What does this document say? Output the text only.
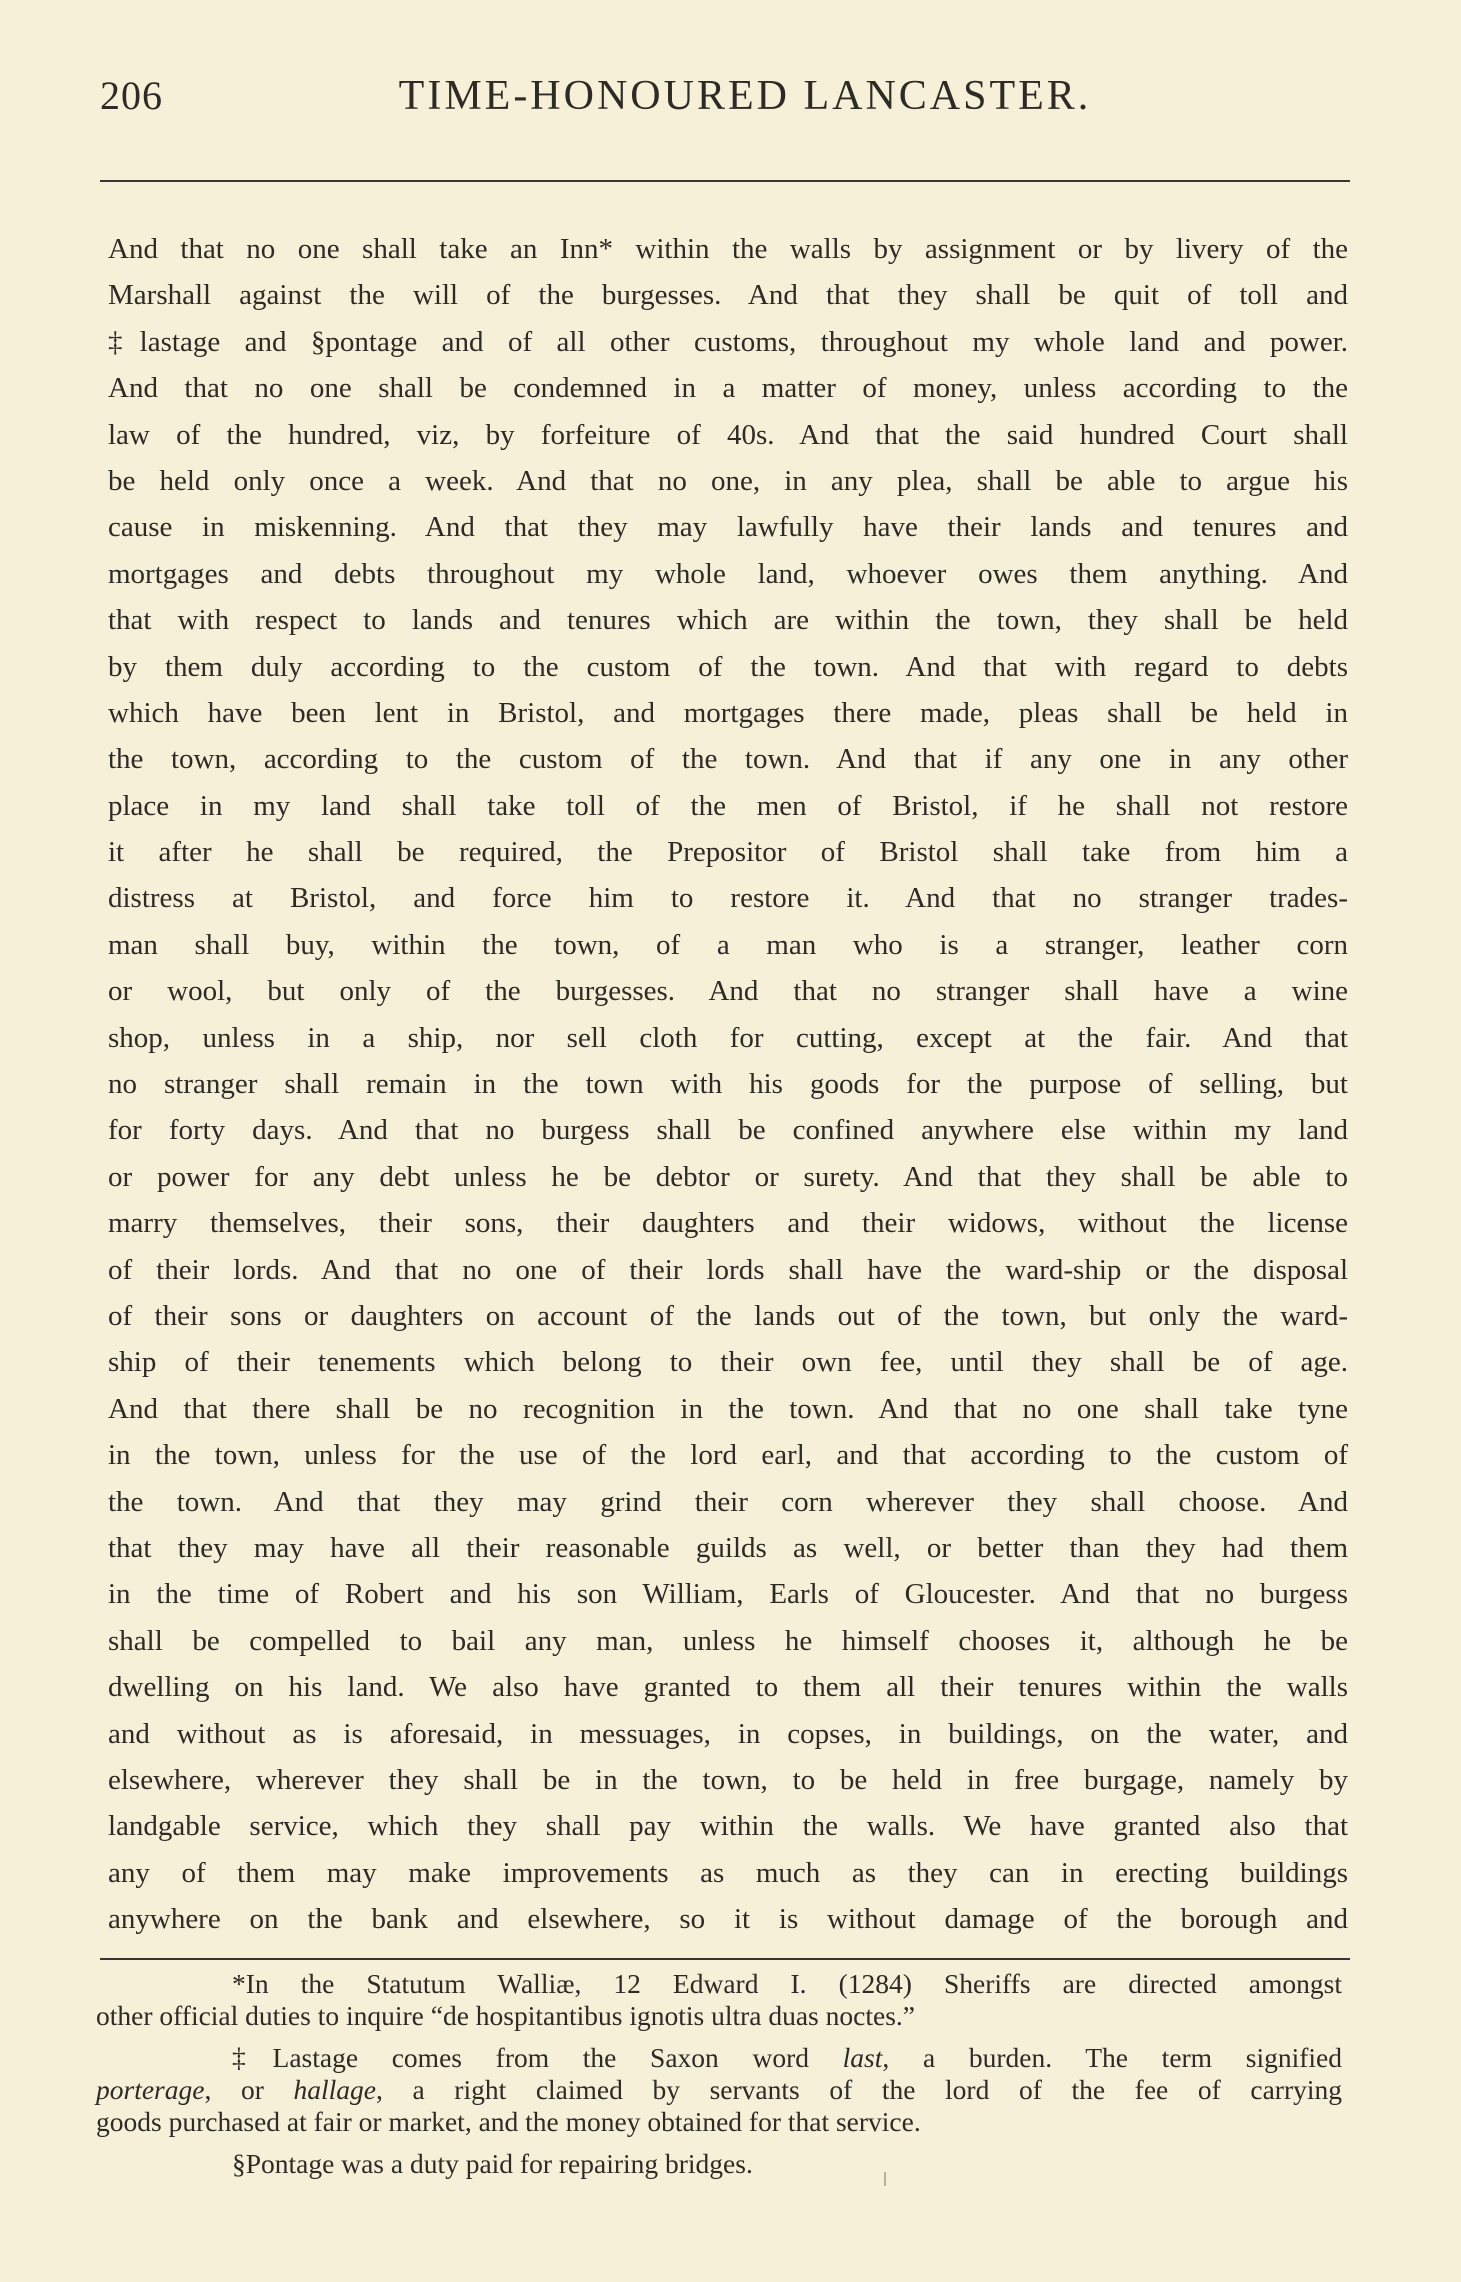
206	TIME-HONOURED LANCASTER.
And that no one shall take an Inn* within the walls by assignment or by livery of the
Marshall against the will of the burgesses. And that they shall be quit of toll and
‡lastage and §pontage and of all other customs, throughout my whole land and power.
And that no one shall be condemned in a matter of money, unless according to the
law of the hundred, viz, by forfeiture of 40s. And that the said hundred Court shall
be held only once a week. And that no one, in any plea, shall be able to argue his
cause in miskenning. And that they may lawfully have their lands and tenures and
mortgages and debts throughout my whole land, whoever owes them anything. And
that with respect to lands and tenures which are within the town, they shall be held
by them duly according to the custom of the town. And that with regard to debts
which have been lent in Bristol, and mortgages there made, pleas shall be held in
the town, according to the custom of the town. And that if any one in any other
place in my land shall take toll of the men of Bristol, if he shall not restore
it after he shall be required, the Prepositor of Bristol shall take from him a
distress at Bristol, and force him to restore it. And that no stranger trades-
man shall buy, within the town, of a man who is a stranger, leather corn
or wool, but only of the burgesses. And that no stranger shall have a wine
shop, unless in a ship, nor sell cloth for cutting, except at the fair. And that
no stranger shall remain in the town with his goods for the purpose of selling, but
for forty days. And that no burgess shall be confined anywhere else within my land
or power for any debt unless he be debtor or surety. And that they shall be able to
marry themselves, their sons, their daughters and their widows, without the license
of their lords. And that no one of their lords shall have the ward-ship or the disposal
of their sons or daughters on account of the lands out of the town, but only the ward-
ship of their tenements which belong to their own fee, until they shall be of age.
And that there shall be no recognition in the town. And that no one shall take tyne
in the town, unless for the use of the lord earl, and that according to the custom of
the town. And that they may grind their corn wherever they shall choose. And
that they may have all their reasonable guilds as well, or better than they had them
in the time of Robert and his son William, Earls of Gloucester. And that no burgess
shall be compelled to bail any man, unless he himself chooses it, although he be
dwelling on his land. We also have granted to them all their tenures within the walls
and without as is aforesaid, in messuages, in copses, in buildings, on the water, and
elsewhere, wherever they shall be in the town, to be held in free burgage, namely by
landgable service, which they shall pay within the walls. We have granted also that
any of them may make improvements as much as they can in erecting buildings
anywhere on the bank and elsewhere, so it is without damage of the borough and
*In the Statutum Walliæ, 12 Edward I. (1284) Sheriffs are directed amongst
other official duties to inquire “de hospitantibus ignotis ultra duas noctes.”
‡Lastage comes from the Saxon word last, a burden. The term signified
porterage, or hallage, a right claimed by servants of the lord of the fee of carrying
goods purchased at fair or market, and the money obtained for that service.
§Pontage was a duty paid for repairing bridges.
